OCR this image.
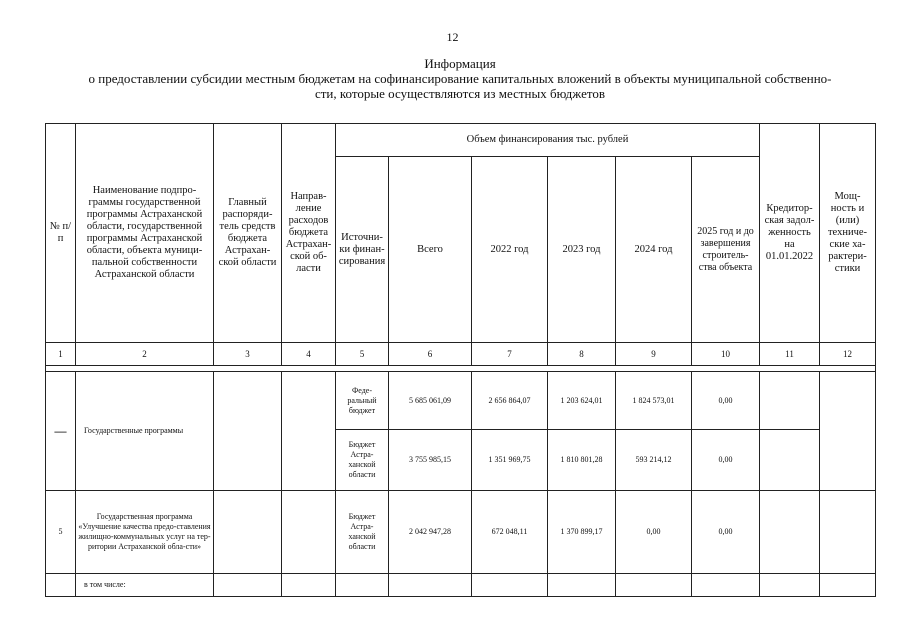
12
Информация
о предоставлении субсидии местным бюджетам на софинансирование капитальных вложений в объекты муниципальной собственно-
сти, которые осуществляются из местных бюджетов
№ п/п	Наименование подпро-граммы государственной программы Астраханской области, государственной программы Астраханской области, объекта муници-пальной собственности Астраханской области	Главный распоряди-тель средств бюджета Астрахан-ской области	Направ-ление расходов бюджета Астрахан-ской об-ласти	Объем финансирования тыс. рублей						Кредитор-ская задол-женность на 01.01.2022	Мощ-ность и (или) техниче-ские ха-рактери-стики
				Источни-ки финан-сирования	Всего	2022 год	2023 год	2024 год	2025 год и до завершения строитель-ства объекта		
1	2	3	4	5	6	7	8	9	10	11	12

—	Государственные программы			Феде-ральный бюджет	5 685 061,09	2 656 864,07	1 203 624,01	1 824 573,01	0,00		
				Бюджет Астра-ханской области	3 755 985,15	1 351 969,75	1 810 801,28	593 214,12	0,00		
5	Государственная программа «Улучшение качества предо-ставления жилищно-коммунальных услуг на тер-ритории Астраханской обла-сти»			Бюджет Астра-ханской области	2 042 947,28	672 048,11	1 370 899,17	0,00	0,00		
	в том числе:										
